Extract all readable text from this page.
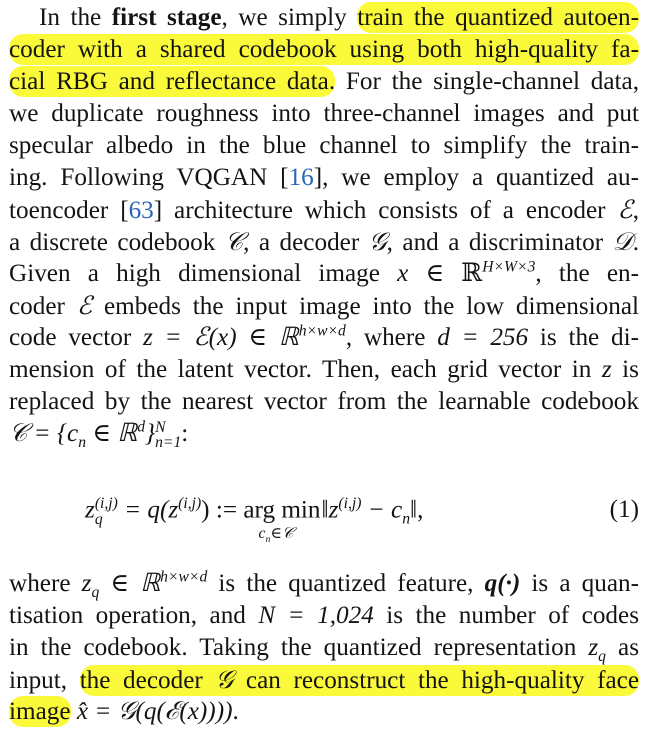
In the first stage, we simply train the quantized autoen-
coder with a shared codebook using both high-quality fa-
cial RBG and reflectance data. For the single-channel data,
we duplicate roughness into three-channel images and put
specular albedo in the blue channel to simplify the train-
ing. Following VQGAN [16], we employ a quantized au-
toencoder [63] architecture which consists of a encoder ℰ,
a discrete codebook 𝒞, a decoder 𝒢, and a discriminator 𝒟.
Given a high dimensional image x ∈ ℝ$^{H\times W\times 3}$, the en-
coder ℰ embeds the input image into the low dimensional
code vector z = ℰ(x) ∈ ℝ$^{h\times w\times d}$, where d = 256 is the di-
mension of the latent vector. Then, each grid vector in z is
replaced by the nearest vector from the learnable codebook
𝒞 = {$c_n$ ∈ ℝ$^d$} N
n=1 :
z (i,j)
$q = q(z^{(i,j)})$ := arg min
$c_n\in 𝒞$
$‖z^{(i,j)}$ − $c_n‖$,	(1)
where $z_q$ ∈ ℝ$^{h\times w\times d}$ is the quantized feature, q(·) is a quan-
tisation operation, and N = 1,024 is the number of codes
in the codebook. Taking the quantized representation $z_q$ as
input, the decoder 𝒢 can reconstruct the high-quality face
image x̂ = 𝒢(q(ℰ(x)))).
